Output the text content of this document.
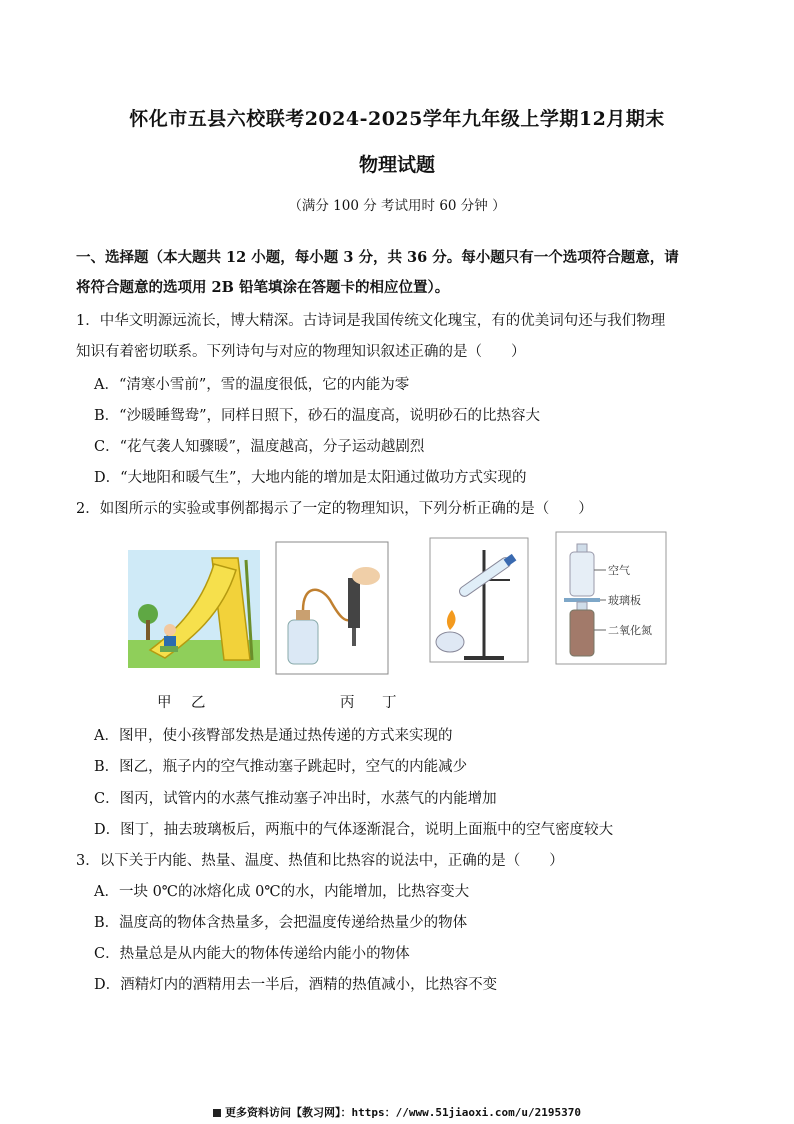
怀化市五县六校联考2024-2025学年九年级上学期12月期末
物理试题
（满分 100 分 考试用时 60 分钟 ）
一、选择题（本大题共 12 小题，每小题 3 分，共 36 分。每小题只有一个选项符合题意，请
将符合题意的选项用 2B 铅笔填涂在答题卡的相应位置）。
1．中华文明源远流长，博大精深。古诗词是我国传统文化瑰宝，有的优美词句还与我们物理
知识有着密切联系。下列诗句与对应的物理知识叙述正确的是（　　）
A．“清寒小雪前”，雪的温度很低，它的内能为零
B．“沙暖睡鸳鸯”，同样日照下，砂石的温度高，说明砂石的比热容大
C．“花气袭人知骤暖”，温度越高，分子运动越剧烈
D．“大地阳和暖气生”，大地内能的增加是太阳通过做功方式实现的
2．如图所示的实验或事例都揭示了一定的物理知识，下列分析正确的是（　　）
空气
玻璃板
二氧化氮
甲 乙	丙 丁
A．图甲，使小孩臀部发热是通过热传递的方式来实现的
B．图乙，瓶子内的空气推动塞子跳起时，空气的内能减少
C．图丙，试管内的水蒸气推动塞子冲出时，水蒸气的内能增加
D．图丁，抽去玻璃板后，两瓶中的气体逐渐混合，说明上面瓶中的空气密度较大
3．以下关于内能、热量、温度、热值和比热容的说法中，正确的是（　　）
A．一块 0℃的冰熔化成 0℃的水，内能增加，比热容变大
B．温度高的物体含热量多，会把温度传递给热量少的物体
C．热量总是从内能大的物体传递给内能小的物体
D．酒精灯内的酒精用去一半后，酒精的热值减小，比热容不变
更多资料访问【教习网】：https：//www.51jiaoxi.com/u/2195370
